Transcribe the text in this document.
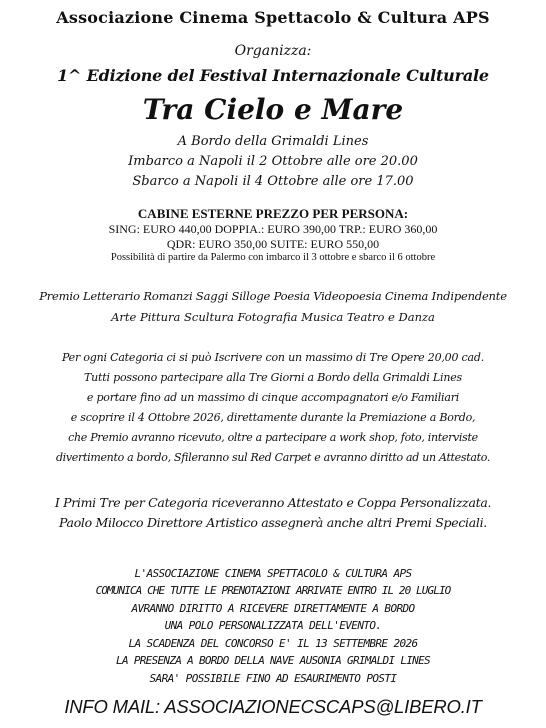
Associazione Cinema Spettacolo & Cultura APS
Organizza:
1^ Edizione del Festival Internazionale Culturale
Tra Cielo e Mare
A Bordo della Grimaldi Lines
Imbarco a Napoli il 2 Ottobre alle ore 20.00
Sbarco a Napoli il 4 Ottobre alle ore 17.00
CABINE ESTERNE PREZZO PER PERSONA:
SING: EURO 440,00 DOPPIA.: EURO 390,00 TRP.: EURO 360,00
QDR: EURO 350,00 SUITE: EURO 550,00
Possibilità di partire da Palermo con imbarco il 3 ottobre e sbarco il 6 ottobre
Premio Letterario Romanzi Saggi Silloge Poesia Videopoesia Cinema Indipendente
Arte Pittura Scultura Fotografia Musica Teatro e Danza
Per ogni Categoria ci si può Iscrivere con un massimo di Tre Opere 20,00 cad.
Tutti possono partecipare alla Tre Giorni a Bordo della Grimaldi Lines
e portare fino ad un massimo di cinque accompagnatori e/o Familiari
e scoprire il 4 Ottobre 2026, direttamente durante la Premiazione a Bordo,
che Premio avranno ricevuto, oltre a partecipare a work shop, foto, interviste
divertimento a bordo, Sfileranno sul Red Carpet e avranno diritto ad un Attestato.
I Primi Tre per Categoria riceveranno Attestato e Coppa Personalizzata.
Paolo Milocco Direttore Artistico assegnerà anche altri Premi Speciali.
L'ASSOCIAZIONE CINEMA SPETTACOLO & CULTURA APS
COMUNICA CHE TUTTE LE PRENOTAZIONI ARRIVATE ENTRO IL 20 LUGLIO
AVRANNO DIRITTO A RICEVERE DIRETTAMENTE A BORDO
UNA POLO PERSONALIZZATA DELL'EVENTO.
LA SCADENZA DEL CONCORSO E' IL 13 SETTEMBRE 2026
LA PRESENZA A BORDO DELLA NAVE AUSONIA GRIMALDI LINES
SARA' POSSIBILE FINO AD ESAURIMENTO POSTI
INFO MAIL: ASSOCIAZIONECSCAPS@LIBERO.IT
